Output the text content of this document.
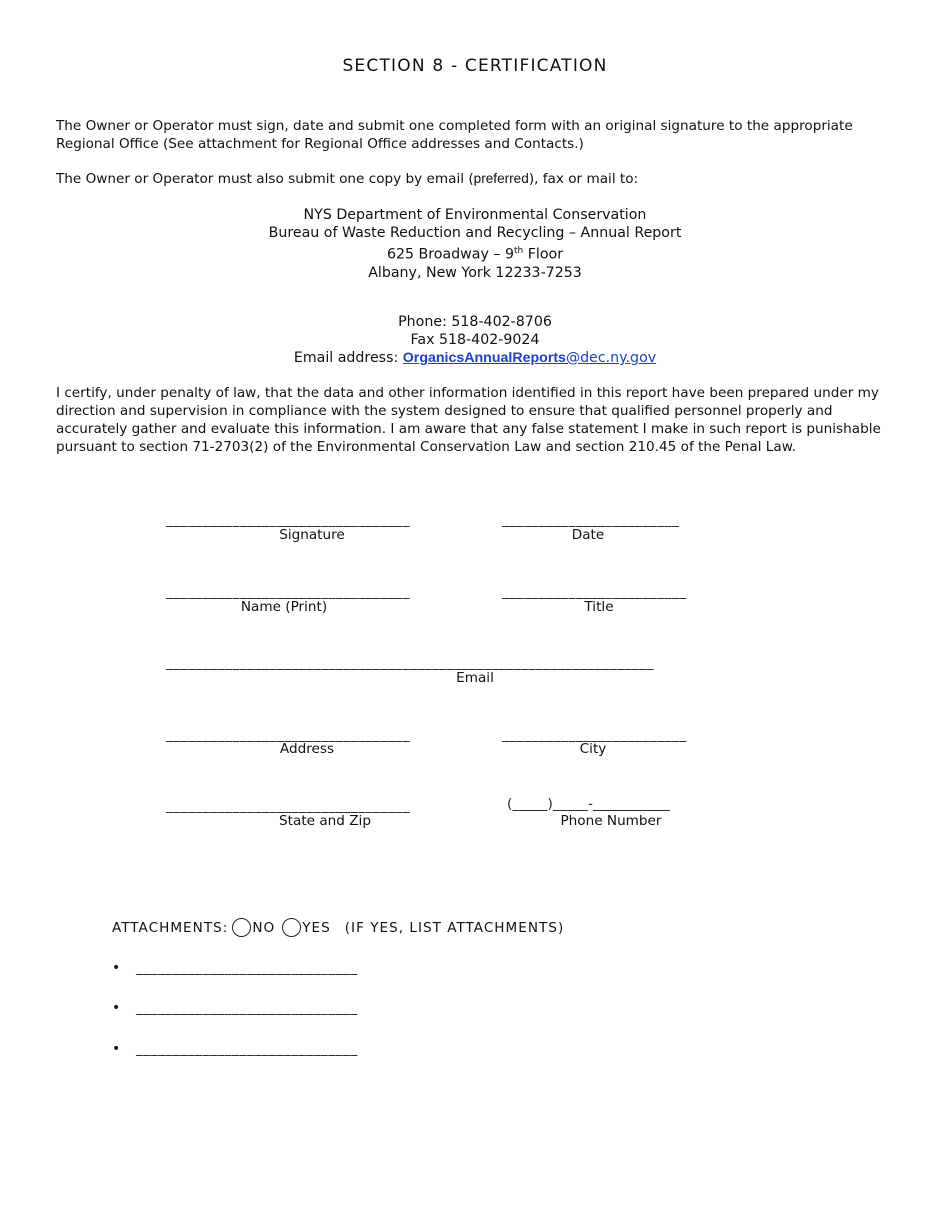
SECTION 8 - CERTIFICATION
The Owner or Operator must sign, date and submit one completed form with an original signature to the appropriate Regional Office (See attachment for Regional Office addresses and Contacts.)
The Owner or Operator must also submit one copy by email (preferred), fax or mail to:
NYS Department of Environmental Conservation
Bureau of Waste Reduction and Recycling – Annual Report
625 Broadway – 9th Floor
Albany, New York 12233-7253
Phone: 518-402-8706
Fax 518-402-9024
Email address: OrganicsAnnualReports@dec.ny.gov
I certify, under penalty of law, that the data and other information identified in this report have been prepared under my direction and supervision in compliance with the system designed to ensure that qualified personnel properly and accurately gather and evaluate this information. I am aware that any false statement I make in such report is punishable pursuant to section 71-2703(2) of the Environmental Conservation Law and section 210.45 of the Penal Law.
_________________________________
Signature
________________________
Date
_________________________________
Name (Print)
_________________________
Title
__________________________________________________________________
Email
_________________________________
Address
_________________________
City
_________________________________
State and Zip
(_____)_____-___________
Phone Number
ATTACHMENTS: NO YES (IF YES, LIST ATTACHMENTS)
• ______________________________
• ______________________________
• ______________________________
